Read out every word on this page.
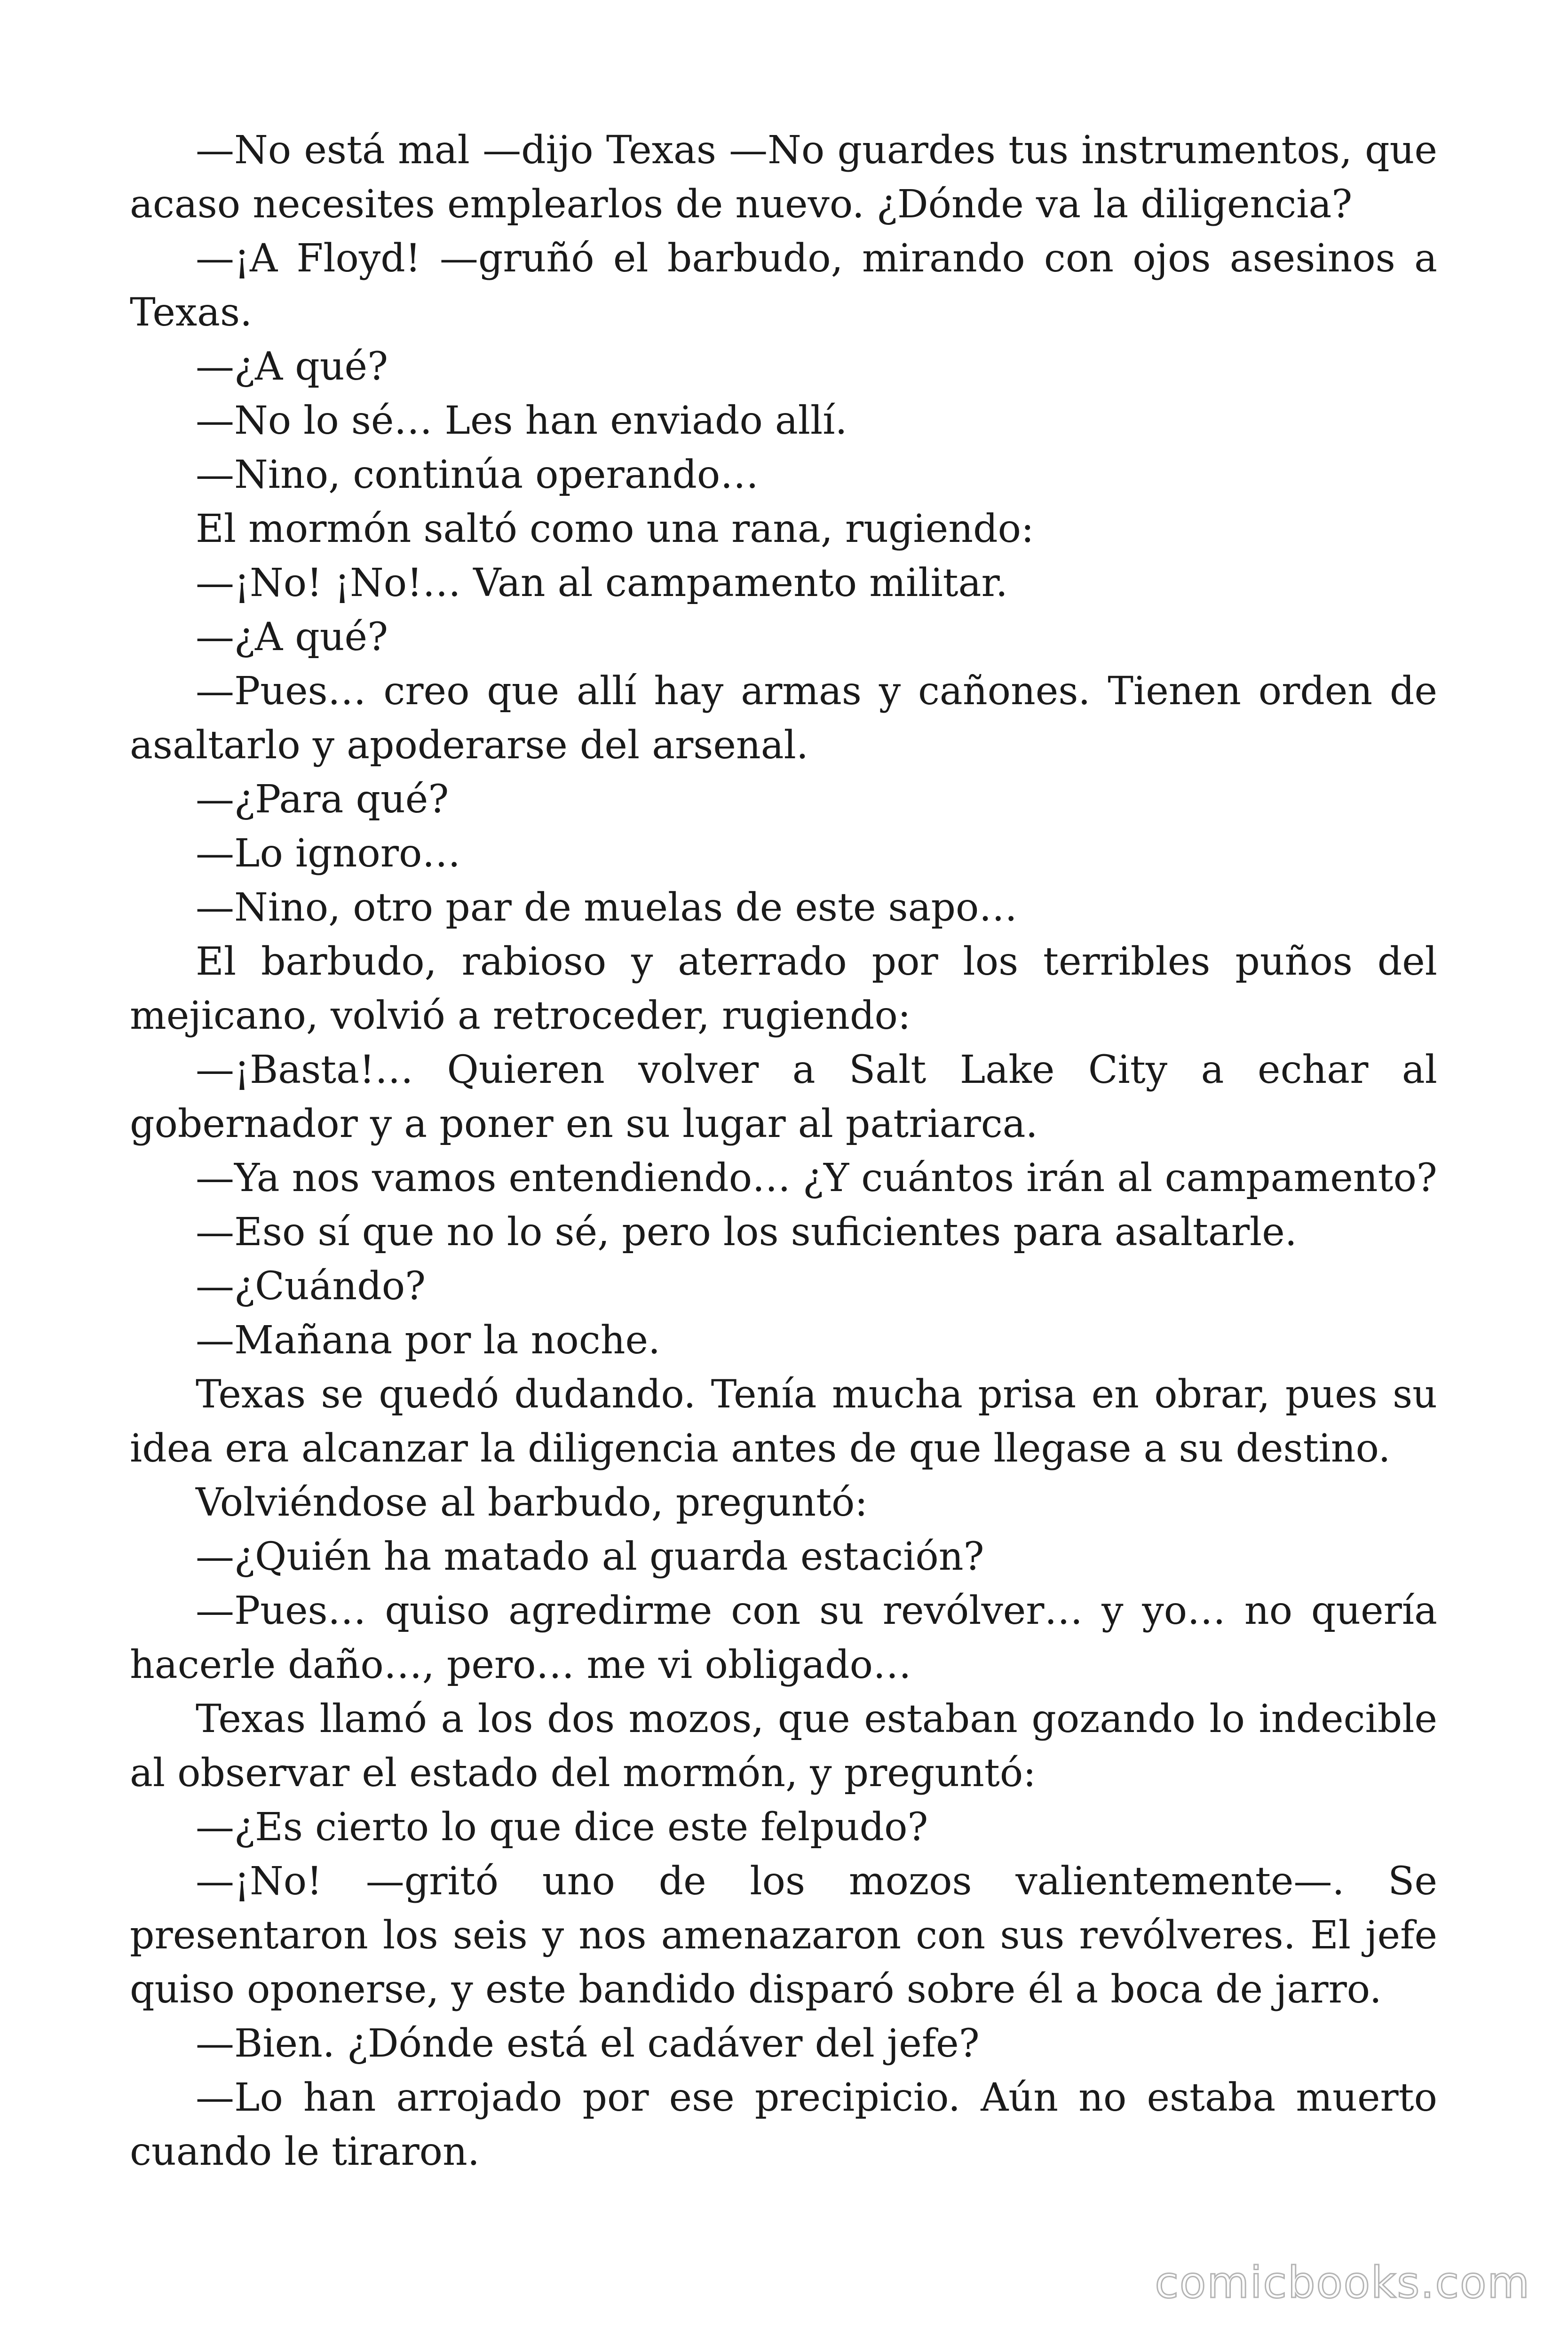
—No está mal —dijo Texas —No guardes tus instrumentos, que acaso necesites emplearlos de nuevo. ¿Dónde va la diligencia?

—¡A Floyd! —gruñó el barbudo, mirando con ojos asesinos a Texas.

—¿A qué?

—No lo sé… Les han enviado allí.

—Nino, continúa operando…

El mormón saltó como una rana, rugiendo:

—¡No! ¡No!… Van al campamento militar.

—¿A qué?

—Pues… creo que allí hay armas y cañones. Tienen orden de asaltarlo y apoderarse del arsenal.

—¿Para qué?

—Lo ignoro…

—Nino, otro par de muelas de este sapo…

El barbudo, rabioso y aterrado por los terribles puños del mejicano, volvió a retroceder, rugiendo:

—¡Basta!… Quieren volver a Salt Lake City a echar al gobernador y a poner en su lugar al patriarca.

—Ya nos vamos entendiendo… ¿Y cuántos irán al campamento?

—Eso sí que no lo sé, pero los suficientes para asaltarle.

—¿Cuándo?

—Mañana por la noche.

Texas se quedó dudando. Tenía mucha prisa en obrar, pues su idea era alcanzar la diligencia antes de que llegase a su destino.

Volviéndose al barbudo, preguntó:

—¿Quién ha matado al guarda estación?

—Pues… quiso agredirme con su revólver… y yo… no quería hacerle daño…, pero… me vi obligado…

Texas llamó a los dos mozos, que estaban gozando lo indecible al observar el estado del mormón, y preguntó:

—¿Es cierto lo que dice este felpudo?

—¡No! —gritó uno de los mozos valientemente—. Se presentaron los seis y nos amenazaron con sus revólveres. El jefe quiso oponerse, y este bandido disparó sobre él a boca de jarro.

—Bien. ¿Dónde está el cadáver del jefe?

—Lo han arrojado por ese precipicio. Aún no estaba muerto cuando le tiraron.

comicbooks.com
